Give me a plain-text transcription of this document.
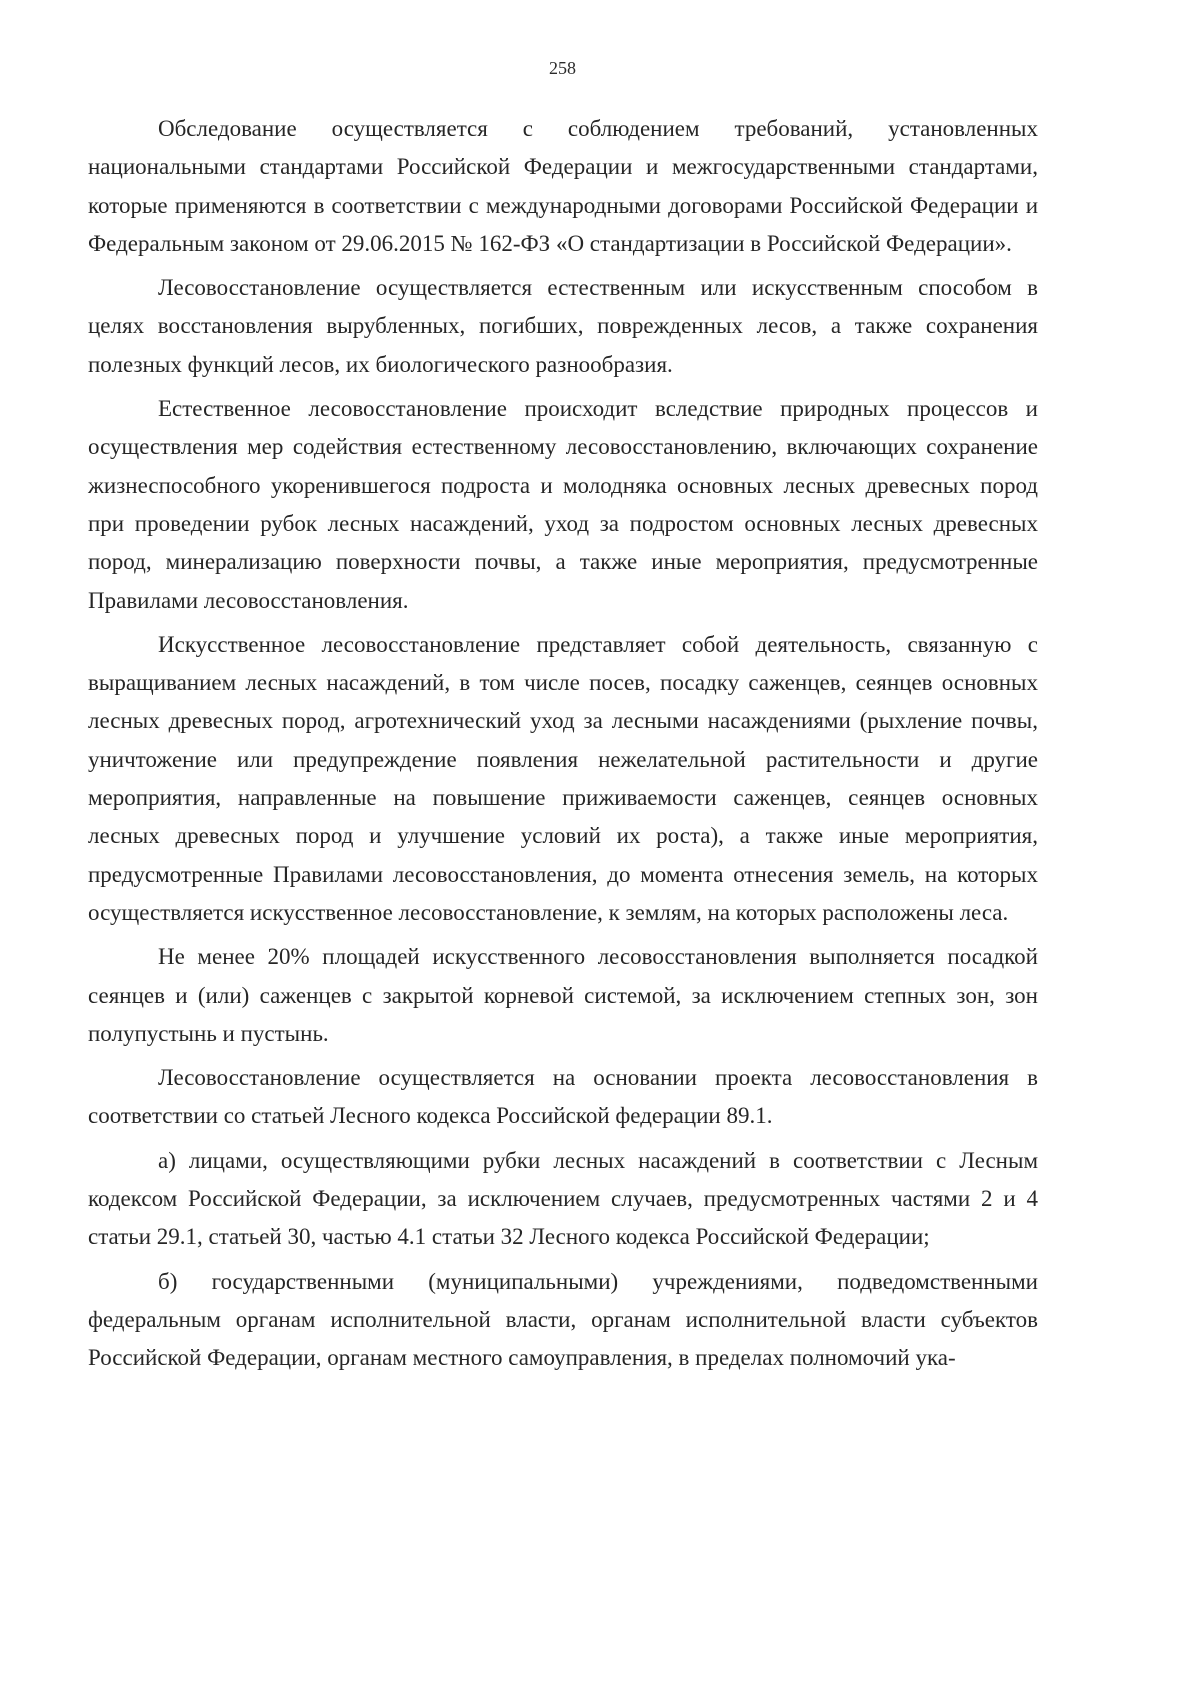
258

Обследование осуществляется с соблюдением требований, установленных национальными стандартами Российской Федерации и межгосударственными стандартами, которые применяются в соответствии с международными договорами Российской Федерации и Федеральным законом от 29.06.2015 № 162-ФЗ «О стандартизации в Российской Федерации».

Лесовосстановление осуществляется естественным или искусственным способом в целях восстановления вырубленных, погибших, поврежденных лесов, а также сохранения полезных функций лесов, их биологического разнообразия.

Естественное лесовосстановление происходит вследствие природных процессов и осуществления мер содействия естественному лесовосстановлению, включающих сохранение жизнеспособного укоренившегося подроста и молодняка основных лесных древесных пород при проведении рубок лесных насаждений, уход за подростом основных лесных древесных пород, минерализацию поверхности почвы, а также иные мероприятия, предусмотренные Правилами лесовосстановления.

Искусственное лесовосстановление представляет собой деятельность, связанную с выращиванием лесных насаждений, в том числе посев, посадку саженцев, сеянцев основных лесных древесных пород, агротехнический уход за лесными насаждениями (рыхление почвы, уничтожение или предупреждение появления нежелательной растительности и другие мероприятия, направленные на повышение приживаемости саженцев, сеянцев основных лесных древесных пород и улучшение условий их роста), а также иные мероприятия, предусмотренные Правилами лесовосстановления, до момента отнесения земель, на которых осуществляется искусственное лесовосстановление, к землям, на которых расположены леса.

Не менее 20% площадей искусственного лесовосстановления выполняется посадкой сеянцев и (или) саженцев с закрытой корневой системой, за исключением степных зон, зон полупустынь и пустынь.

Лесовосстановление осуществляется на основании проекта лесовосстановления в соответствии со статьей Лесного кодекса Российской федерации 89.1.

а) лицами, осуществляющими рубки лесных насаждений в соответствии с Лесным кодексом Российской Федерации, за исключением случаев, предусмотренных частями 2 и 4 статьи 29.1, статьей 30, частью 4.1 статьи 32 Лесного кодекса Российской Федерации;

б) государственными (муниципальными) учреждениями, подведомственными федеральным органам исполнительной власти, органам исполнительной власти субъектов Российской Федерации, органам местного самоуправления, в пределах полномочий ука-
